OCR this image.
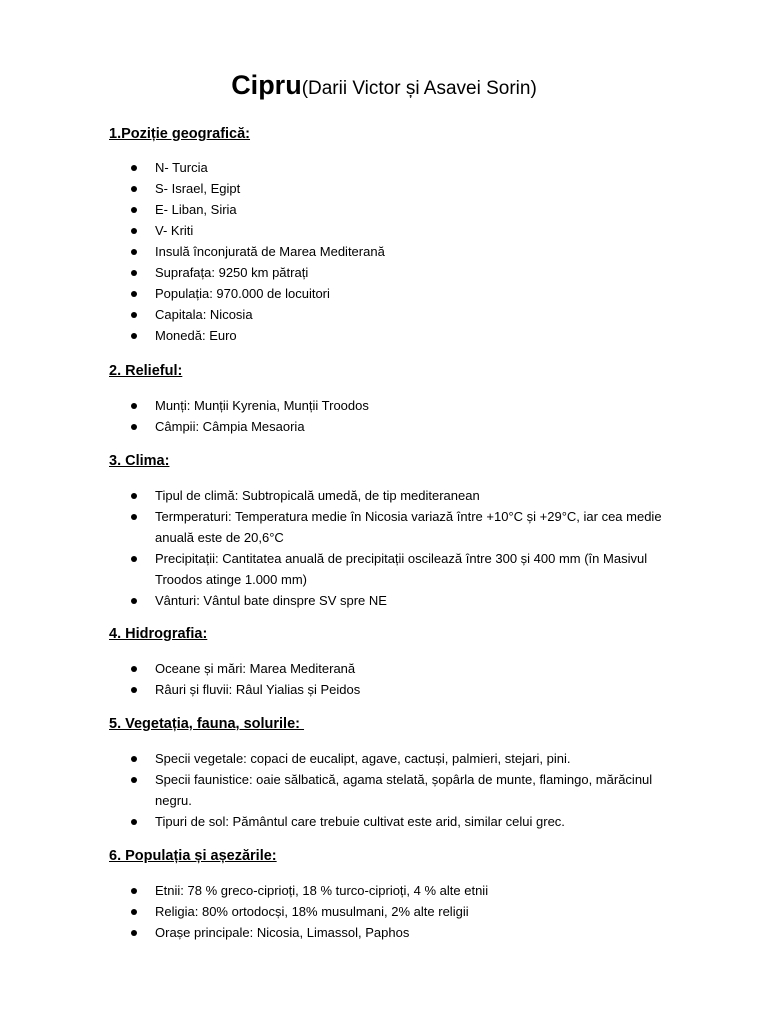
Cipru(Darii Victor și Asavei Sorin)
1.Poziție geografică:
N- Turcia
S- Israel, Egipt
E- Liban, Siria
V- Kriti
Insulă înconjurată de Marea Mediterană
Suprafața: 9250 km pătrați
Populația: 970.000 de locuitori
Capitala: Nicosia
Monedă: Euro
2. Relieful:
Munți: Munții Kyrenia, Munții Troodos
Câmpii: Câmpia Mesaoria
3. Clima:
Tipul de climă: Subtropicală umedă, de tip mediteranean
Termperaturi: Temperatura medie în Nicosia variază între +10°C și +29°C, iar cea medie anuală este de 20,6°C
Precipitații: Cantitatea anuală de precipitații oscilează între 300 și 400 mm (în Masivul Troodos atinge 1.000 mm)
Vânturi: Vântul bate dinspre SV spre NE
4. Hidrografia:
Oceane și mări: Marea Mediterană
Râuri și fluvii: Râul Yialias și Peidos
5. Vegetația, fauna, solurile:
Specii vegetale: copaci de eucalipt, agave, cactuși, palmieri, stejari, pini.
Specii faunistice: oaie sălbatică, agama stelată, șopârla de munte, flamingo, mărăcinul negru.
Tipuri de sol: Pământul care trebuie cultivat este arid, similar celui grec.
6. Populația și așezările:
Etnii: 78 % greco-ciprioți, 18 % turco-ciprioți, 4 % alte etnii
Religia: 80% ortodocși, 18% musulmani, 2% alte religii
Orașe principale: Nicosia, Limassol, Paphos
